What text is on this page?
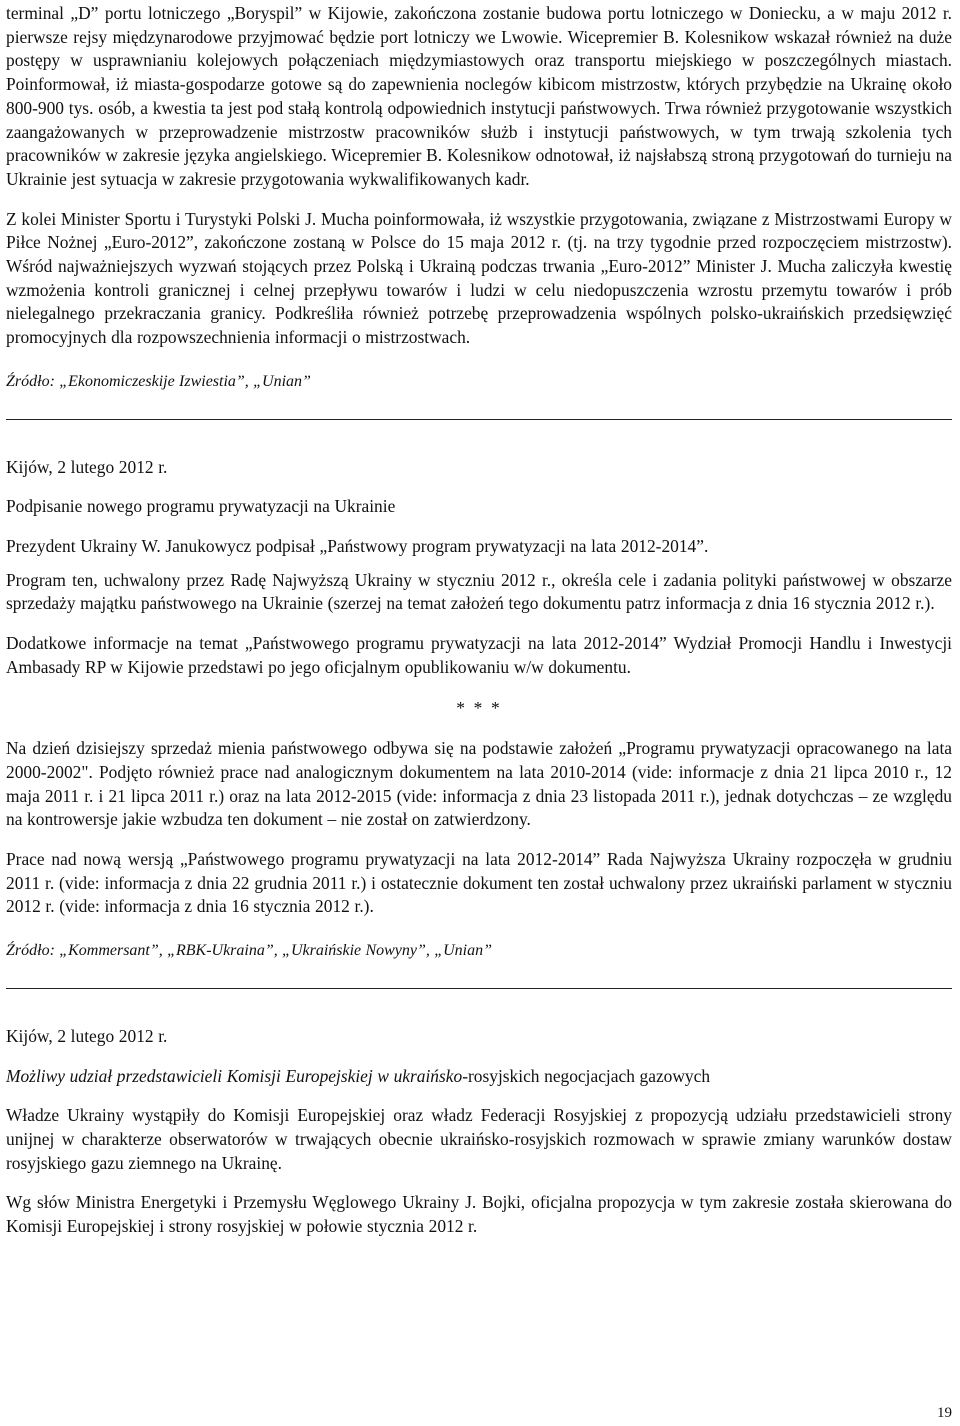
terminal „D” portu lotniczego „Boryspil” w Kijowie, zakończona zostanie budowa portu lotniczego w Doniecku, a w maju 2012 r. pierwsze rejsy międzynarodowe przyjmować będzie port lotniczy we Lwowie. Wicepremier B. Kolesnikow wskazał również na duże postępy w usprawnianiu kolejowych połączeniach międzymiastowych oraz transportu miejskiego w poszczególnych miastach. Poinformował, iż miasta-gospodarze gotowe są do zapewnienia noclegów kibicom mistrzostw, których przybędzie na Ukrainę około 800-900 tys. osób, a kwestia ta jest pod stałą kontrolą odpowiednich instytucji państwowych. Trwa również przygotowanie wszystkich zaangażowanych w przeprowadzenie mistrzostw pracowników służb i instytucji państwowych, w tym trwają szkolenia tych pracowników w zakresie języka angielskiego. Wicepremier B. Kolesnikow odnotował, iż najsłabszą stroną przygotowań do turnieju na Ukrainie jest sytuacja w zakresie przygotowania wykwalifikowanych kadr.

Z kolei Minister Sportu i Turystyki Polski J. Mucha poinformowała, iż wszystkie przygotowania, związane z Mistrzostwami Europy w Piłce Nożnej „Euro-2012”, zakończone zostaną w Polsce do 15 maja 2012 r. (tj. na trzy tygodnie przed rozpoczęciem mistrzostw). Wśród najważniejszych wyzwań stojących przez Polską i Ukrainą podczas trwania „Euro-2012” Minister J. Mucha zaliczyła kwestię wzmożenia kontroli granicznej i celnej przepływu towarów i ludzi w celu niedopuszczenia wzrostu przemytu towarów i prób nielegalnego przekraczania granicy. Podkreśliła również potrzebę przeprowadzenia wspólnych polsko-ukraińskich przedsięwzięć promocyjnych dla rozpowszechnienia informacji o mistrzostwach.

Źródło: „Ekonomiczeskije Izwiestia”, „Unian”

Kijów, 2 lutego 2012 r.

Podpisanie nowego programu prywatyzacji na Ukrainie

Prezydent Ukrainy W. Janukowycz podpisał „Państwowy program prywatyzacji na lata 2012-2014”.

Program ten, uchwalony przez Radę Najwyższą Ukrainy w styczniu 2012 r., określa cele i zadania polityki państwowej w obszarze sprzedaży majątku państwowego na Ukrainie (szerzej na temat założeń tego dokumentu patrz informacja z dnia 16 stycznia 2012 r.).

Dodatkowe informacje na temat „Państwowego programu prywatyzacji na lata 2012-2014” Wydział Promocji Handlu i Inwestycji Ambasady RP w Kijowie przedstawi po jego oficjalnym opublikowaniu w/w dokumentu.

* * *

Na dzień dzisiejszy sprzedaż mienia państwowego odbywa się na podstawie założeń „Programu prywatyzacji opracowanego na lata 2000-2002". Podjęto również prace nad analogicznym dokumentem na lata 2010-2014 (vide: informacje z dnia 21 lipca 2010 r., 12 maja 2011 r. i 21 lipca 2011 r.) oraz na lata 2012-2015 (vide: informacja z dnia 23 listopada 2011 r.), jednak dotychczas – ze względu na kontrowersje jakie wzbudza ten dokument – nie został on zatwierdzony.

Prace nad nową wersją „Państwowego programu prywatyzacji na lata 2012-2014” Rada Najwyższa Ukrainy rozpoczęła w grudniu 2011 r. (vide: informacja z dnia 22 grudnia 2011 r.) i ostatecznie dokument ten został uchwalony przez ukraiński parlament w styczniu 2012 r. (vide: informacja z dnia 16 stycznia 2012 r.).

Źródło: „Kommersant”, „RBK-Ukraina”, „Ukraińskie Nowyny”, „Unian”

Kijów, 2 lutego 2012 r.

Możliwy udział przedstawicieli Komisji Europejskiej w ukraińsko-rosyjskich negocjacjach gazowych

Władze Ukrainy wystąpiły do Komisji Europejskiej oraz władz Federacji Rosyjskiej z propozycją udziału przedstawicieli strony unijnej w charakterze obserwatorów w trwających obecnie ukraińsko-rosyjskich rozmowach w sprawie zmiany warunków dostaw rosyjskiego gazu ziemnego na Ukrainę.

Wg słów Ministra Energetyki i Przemysłu Węglowego Ukrainy J. Bojki, oficjalna propozycja w tym zakresie została skierowana do Komisji Europejskiej i strony rosyjskiej w połowie stycznia 2012 r.

19
